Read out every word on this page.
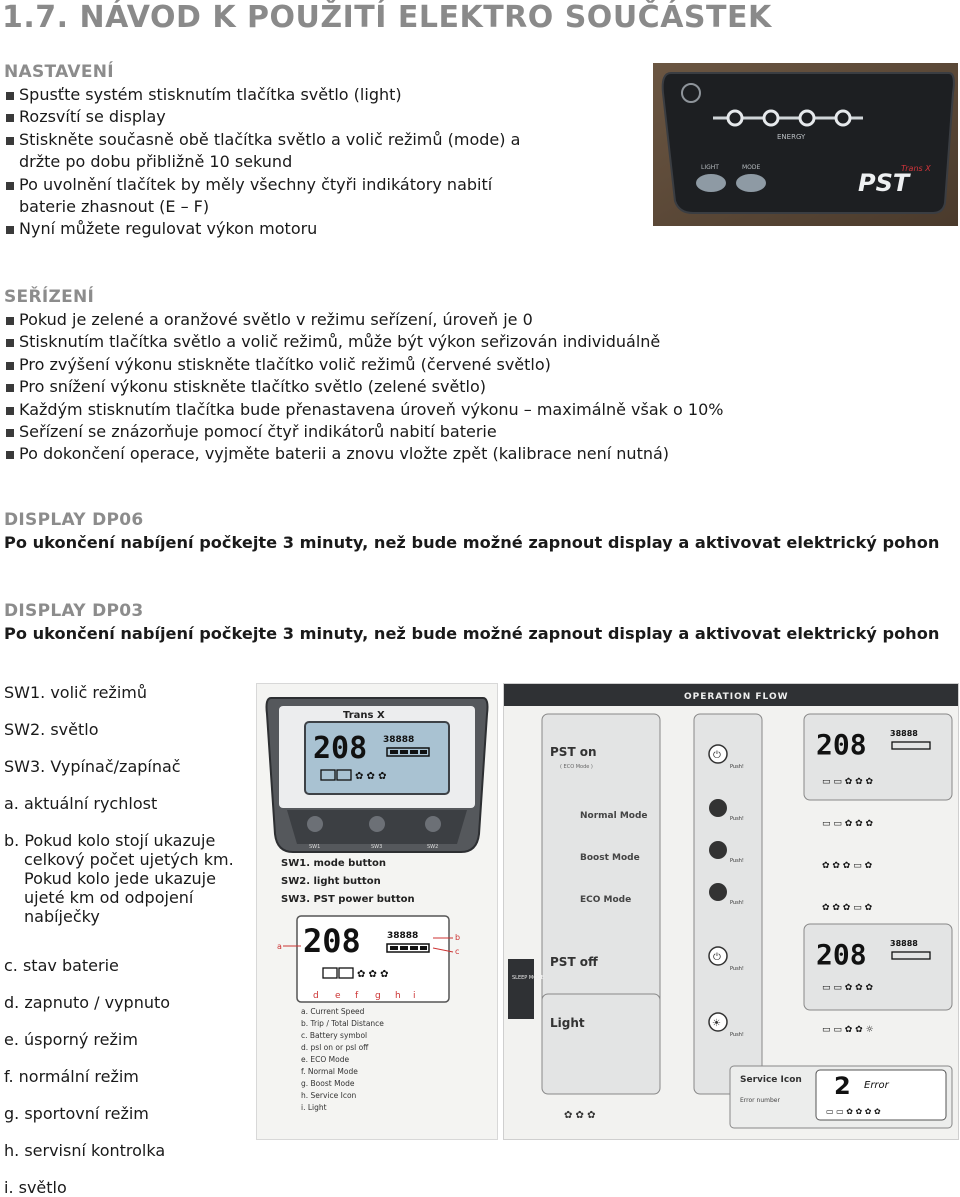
1.7. NÁVOD K POUŽITÍ ELEKTRO SOUČÁSTEK
NASTAVENÍ
Spusťte systém stisknutím tlačítka světlo (light)
Rozsvítí se display
Stiskněte současně obě tlačítka světlo a volič režimů (mode) a držte po dobu přibližně 10 sekund
Po uvolnění tlačítek by měly všechny čtyři indikátory nabití baterie zhasnout (E – F)
Nyní můžete regulovat výkon motoru
ENERGY
LIGHT	MODE	Trans X
PST
SEŘÍZENÍ
Pokud je zelené a oranžové světlo v režimu seřízení, úroveň je 0
Stisknutím tlačítka světlo a volič režimů, může být výkon seřizován individuálně
Pro zvýšení výkonu stiskněte tlačítko volič režimů (červené světlo)
Pro snížení výkonu stiskněte tlačítko světlo (zelené světlo)
Každým stisknutím tlačítka bude přenastavena úroveň výkonu – maximálně však o 10%
Seřízení se znázorňuje pomocí čtyř indikátorů nabití baterie
Po dokončení operace, vyjměte baterii a znovu vložte zpět (kalibrace není nutná)
DISPLAY DP06
Po ukončení nabíjení počkejte 3 minuty, než bude možné zapnout display a aktivovat elektrický pohon
DISPLAY DP03
Po ukončení nabíjení počkejte 3 minuty, než bude možné zapnout display a aktivovat elektrický pohon
SW1. volič režimů
SW2. světlo
SW3. Vypínač/zapínač
a. aktuální rychlost
b. Pokud kolo stojí ukazuje
celkový počet ujetých km.
Pokud kolo jede ukazuje
ujeté km od odpojení
nabíječky
c. stav baterie
d. zapnuto / vypnuto
e. úsporný režim
f. normální režim
g. sportovní režim
h. servisní kontrolka
i. světlo
Trans X
208 38888
✿ ✿ ✿
SW1	SW3	SW2
SW1. mode button
SW2. light button
SW3. PST power button
208	38888
✿ ✿ ✿
a
b
c
d e f g h i
a. Current Speed
b. Trip / Total Distance
c. Battery symbol
d. psl on or psl off
e. ECO Mode
f. Normal Mode
g. Boost Mode
h. Service Icon
i. Light
OPERATION FLOW
PST on
( ECO Mode )
Normal Mode
Boost Mode
ECO Mode
PST off
Light
SLEEP MODE
⏻
Push!
Push!
Push!
Push!
⏻
Push!
☀
Push!
208	38888
▭ ▭ ✿ ✿ ✿
▭ ▭ ✿ ✿ ✿
✿ ✿ ✿ ▭ ✿
✿ ✿ ✿ ▭ ✿
208	38888
▭ ▭ ✿ ✿ ✿
▭ ▭ ✿ ✿ ☼
Service Icon
Error number
2 Error
▭ ▭ ✿ ✿ ✿ ✿
✿ ✿ ✿
